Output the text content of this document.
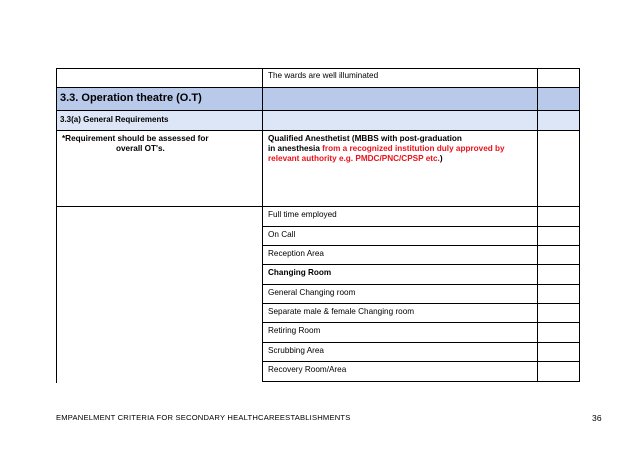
The wards are well illuminated
3.3. Operation theatre (O.T)
3.3(a) General Requirements
*Requirement should be assessed for
overall OT's.
Qualified Anesthetist (MBBS with post-graduation
in anesthesia from a recognized institution duly approved by
relevant authority e.g. PMDC/PNC/CPSP etc.)
Full time employed
On Call
Reception Area
Changing Room
General Changing room
Separate male & female Changing room
Retiring Room
Scrubbing Area
Recovery Room/Area
EMPANELMENT CRITERIA FOR SECONDARY HEALTHCAREESTABLISHMENTS	36
